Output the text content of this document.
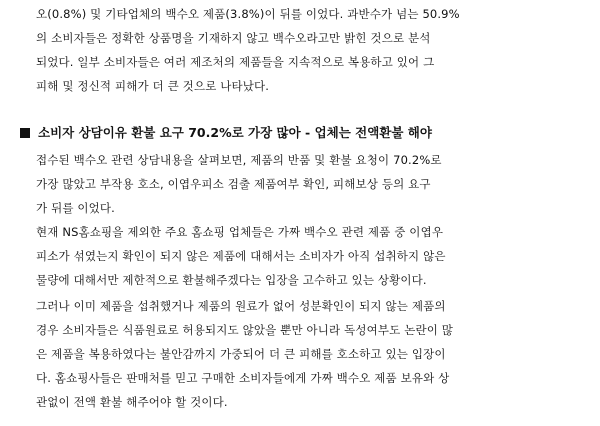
오(0.8%) 및 기타업체의 백수오 제품(3.8%)이 뒤를 이었다. 과반수가 넘는 50.9%
의 소비자들은 정확한 상품명을 기재하지 않고 백수오라고만 밝힌 것으로 분석
되었다. 일부 소비자들은 여러 제조처의 제품들을 지속적으로 복용하고 있어 그
피해 및 정신적 피해가 더 큰 것으로 나타났다.
소비자 상담이유 환불 요구 70.2%로 가장 많아 - 업체는 전액환불 해야
접수된 백수오 관련 상담내용을 살펴보면, 제품의 반품 및 환불 요청이 70.2%로
가장 많았고 부작용 호소, 이엽우피소 검출 제품여부 확인, 피해보상 등의 요구
가 뒤를 이었다.
현재 NS홈쇼핑을 제외한 주요 홈쇼핑 업체들은 가짜 백수오 관련 제품 중 이엽우
피소가 섞였는지 확인이 되지 않은 제품에 대해서는 소비자가 아직 섭취하지 않은
물량에 대해서만 제한적으로 환불해주겠다는 입장을 고수하고 있는 상황이다.
그러나 이미 제품을 섭취했거나 제품의 원료가 없어 성분확인이 되지 않는 제품의
경우 소비자들은 식품원료로 허용되지도 않았을 뿐만 아니라 독성여부도 논란이 많
은 제품을 복용하였다는 불안감까지 가중되어 더 큰 피해를 호소하고 있는 입장이
다. 홈쇼핑사들은 판매처를 믿고 구매한 소비자들에게 가짜 백수오 제품 보유와 상
관없이 전액 환불 해주어야 할 것이다.
